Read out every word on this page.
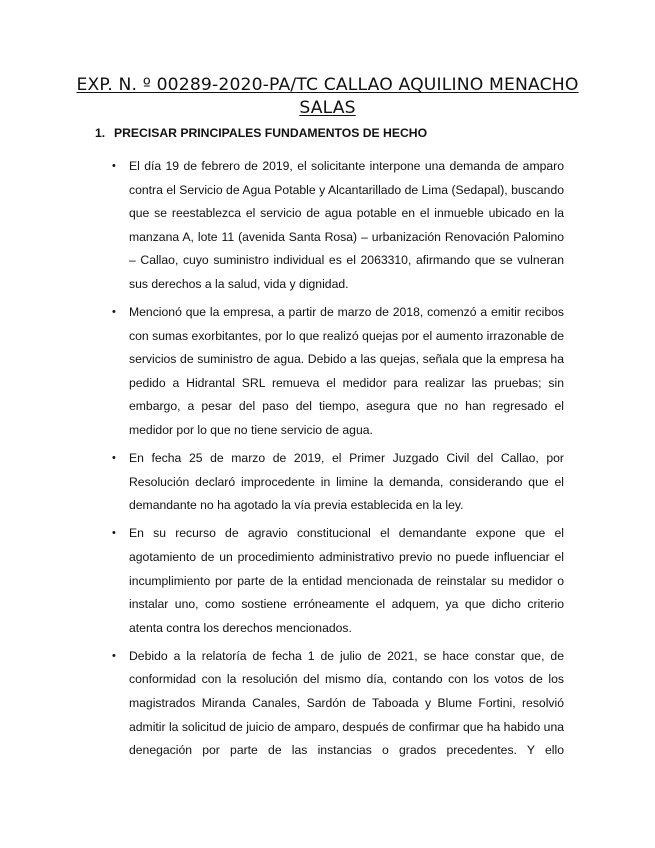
EXP. N. º 00289-2020-PA/TC CALLAO AQUILINO MENACHO SALAS
1. PRECISAR PRINCIPALES FUNDAMENTOS DE HECHO
• El día 19 de febrero de 2019, el solicitante interpone una demanda de amparo contra el Servicio de Agua Potable y Alcantarillado de Lima (Sedapal), buscando que se reestablezca el servicio de agua potable en el inmueble ubicado en la manzana A, lote 11 (avenida Santa Rosa) – urbanización Renovación Palomino – Callao, cuyo suministro individual es el 2063310, afirmando que se vulneran sus derechos a la salud, vida y dignidad.
• Mencionó que la empresa, a partir de marzo de 2018, comenzó a emitir recibos con sumas exorbitantes, por lo que realizó quejas por el aumento irrazonable de servicios de suministro de agua. Debido a las quejas, señala que la empresa ha pedido a Hidrantal SRL remueva el medidor para realizar las pruebas; sin embargo, a pesar del paso del tiempo, asegura que no han regresado el medidor por lo que no tiene servicio de agua.
• En fecha 25 de marzo de 2019, el Primer Juzgado Civil del Callao, por Resolución declaró improcedente in limine la demanda, considerando que el demandante no ha agotado la vía previa establecida en la ley.
• En su recurso de agravio constitucional el demandante expone que el agotamiento de un procedimiento administrativo previo no puede influenciar el incumplimiento por parte de la entidad mencionada de reinstalar su medidor o instalar uno, como sostiene erróneamente el adquem, ya que dicho criterio atenta contra los derechos mencionados.
• Debido a la relatoría de fecha 1 de julio de 2021, se hace constar que, de conformidad con la resolución del mismo día, contando con los votos de los magistrados Miranda Canales, Sardón de Taboada y Blume Fortini, resolvió admitir la solicitud de juicio de amparo, después de confirmar que ha habido una denegación por parte de las instancias o grados precedentes. Y ello
